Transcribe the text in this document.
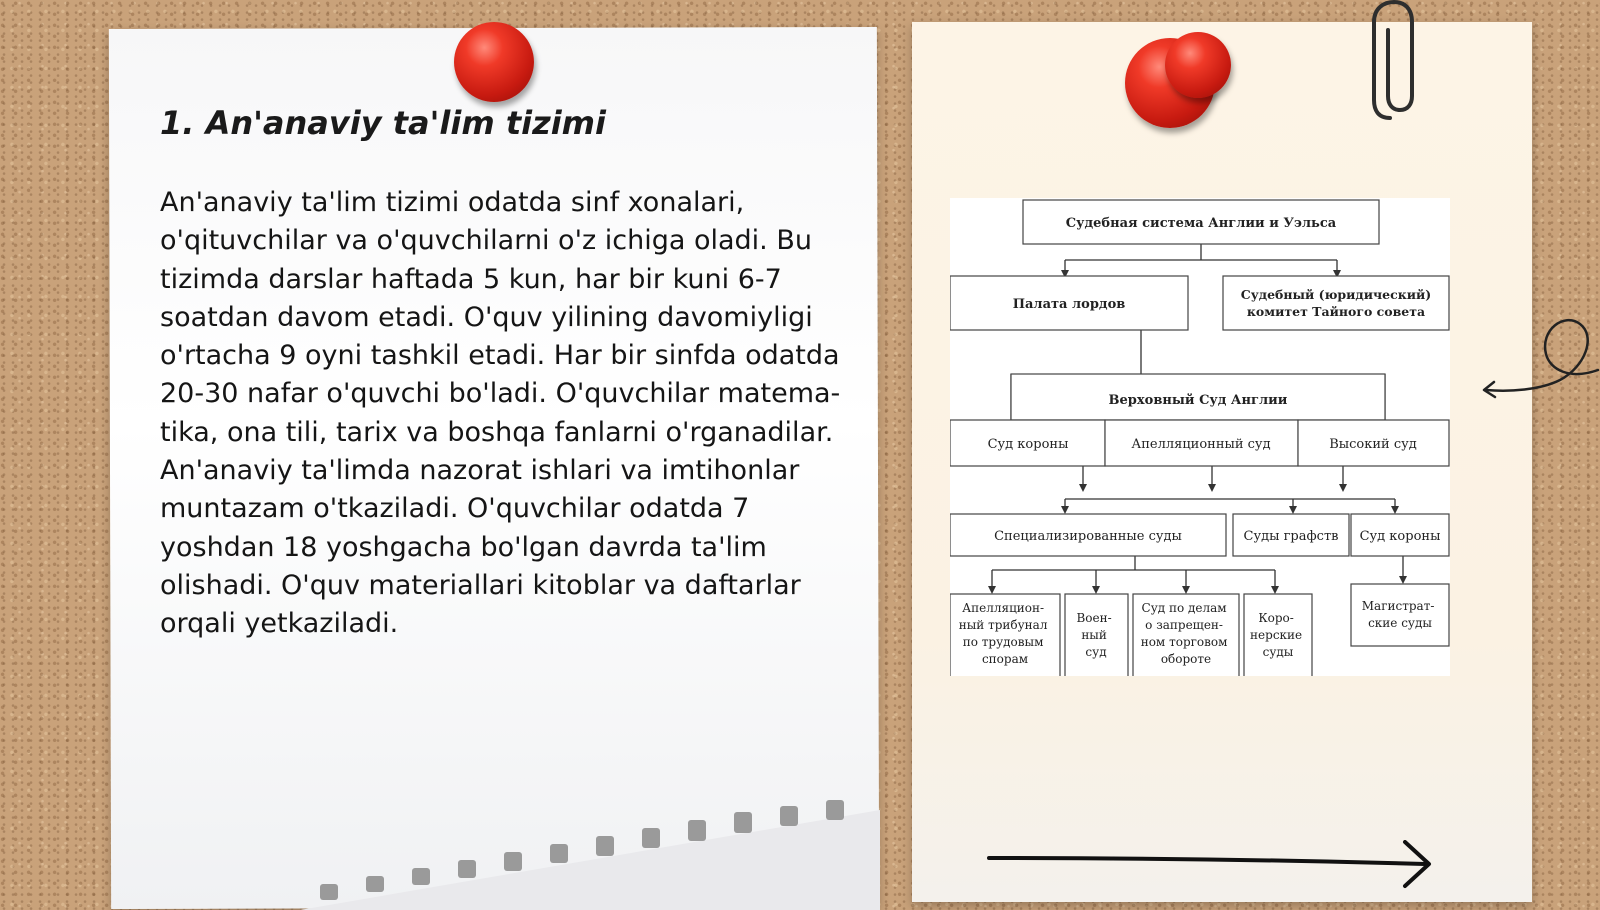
1. An'anaviy ta'lim tizimi

An'anaviy ta'lim tizimi odatda sinf xonalari, o'qituvchilar va o'quvchilarni o'z ichiga oladi. Bu tizimda darslar haftada 5 kun, har bir kuni 6-7 soatdan davom etadi. O'quv yilining davomiyligi o'rtacha 9 oyni tashkil etadi. Har bir sinfda odatda 20-30 nafar o'quvchi bo'ladi. O'quvchilar matema-tika, ona tili, tarix va boshqa fanlarni o'rganadilar. An'anaviy ta'limda nazorat ishlari va imtihonlar muntazam o'tkaziladi. O'quvchilar odatda 7 yoshdan 18 yoshgacha bo'lgan davrda ta'lim olishadi. O'quv materiallari kitoblar va daftarlar orqali yetkaziladi.

Судебная система Англии и Уэльса
Палата лордов
Судебный (юридический)
комитет Тайного совета
Верховный Суд Англии
Суд короны	Апелляционный суд	Высокий суд
Специализированные суды	Суды графств Суд короны
Апелляцион- ный трибунал по трудовым спорам
Воен- ный суд
Суд по делам о запрещен- ном торговом обороте
Коро- нерские суды
Магистрат- ские суды
